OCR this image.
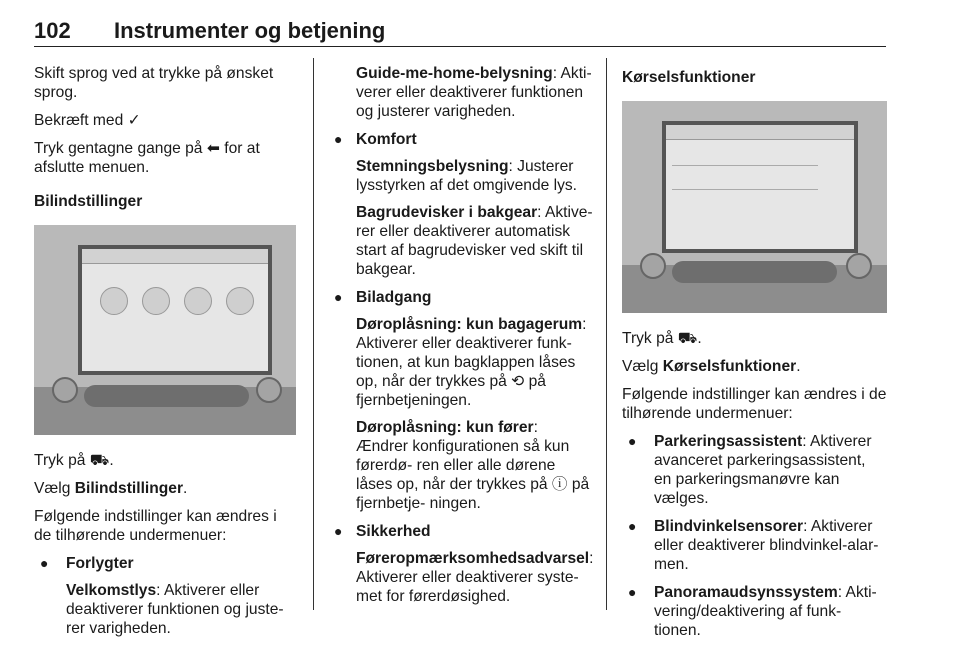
102 Instrumenter og betjening

Skift sprog ved at trykke på ønsket sprog.

Bekræft med ✓

Tryk gentagne gange på ⬅ for at afslutte menuen.

Bilindstillinger

Tryk på ⛟.

Vælg Bilindstillinger.

Følgende indstillinger kan ændres i de tilhørende undermenuer:

● Forlygter

Velkomstlys: Aktiverer eller deaktiverer funktionen og juste- rer varigheden.

Guide-me-home-belysning: Akti- verer eller deaktiverer funktionen og justerer varigheden.

● Komfort

Stemningsbelysning: Justerer lysstyrken af det omgivende lys.

Bagrudevisker i bakgear: Aktive- rer eller deaktiverer automatisk start af bagrudevisker ved skift til bakgear.

● Biladgang

Døroplåsning: kun bagagerum: Aktiverer eller deaktiverer funk- tionen, at kun bagklappen låses op, når der trykkes på ⟲ på fjernbetjeningen.

Døroplåsning: kun fører: Ændrer konfigurationen så kun førerdø- ren eller alle dørene låses op, når der trykkes på ⓘ på fjernbetje- ningen.

● Sikkerhed

Føreropmærksomhedsadvarsel: Aktiverer eller deaktiverer syste- met for førerdøsighed.

Kørselsfunktioner

Tryk på ⛟.

Vælg Kørselsfunktioner.

Følgende indstillinger kan ændres i de tilhørende undermenuer:

● Parkeringsassistent: Aktiverer avanceret parkeringsassistent, en parkeringsmanøvre kan vælges.

● Blindvinkelsensorer: Aktiverer eller deaktiverer blindvinkel-alar- men.

● Panoramaudsynssystem: Akti- vering/deaktivering af funk- tionen.
